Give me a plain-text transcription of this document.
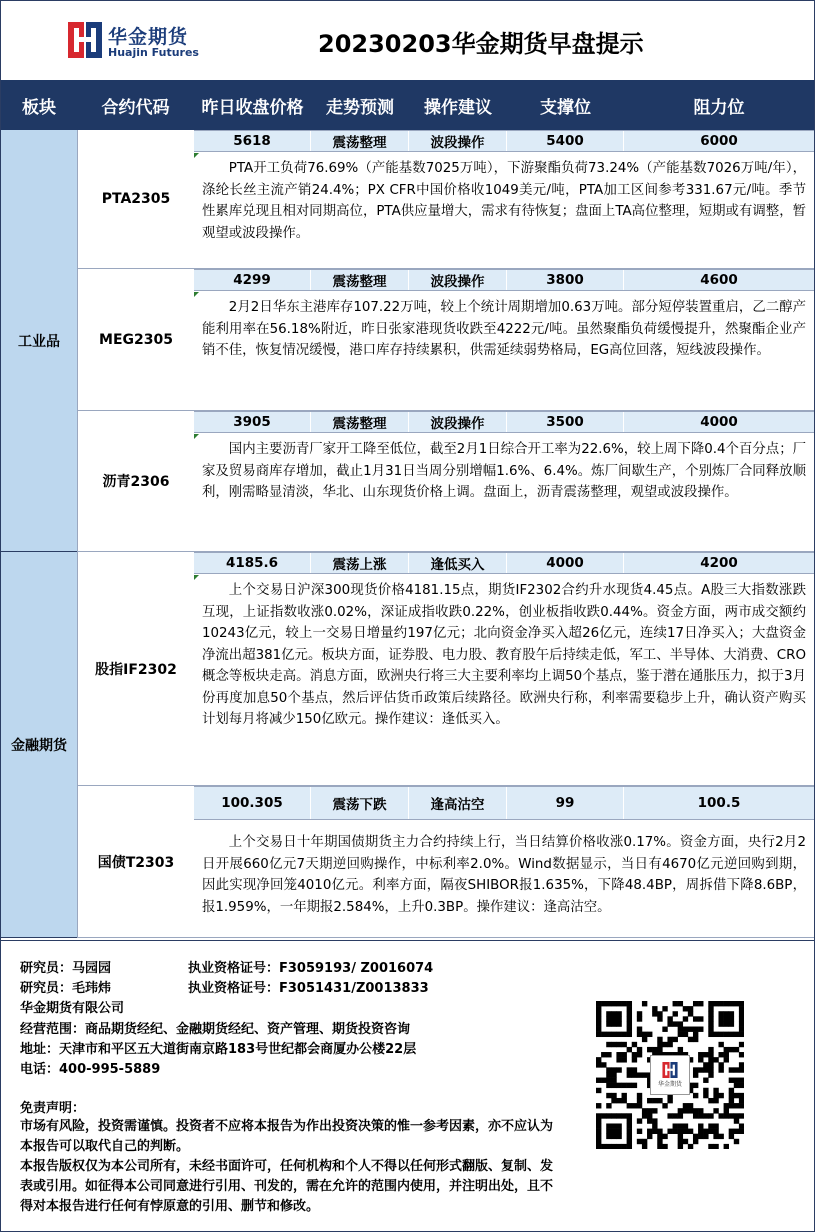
华金期货
Huajin Futures	20230203华金期货早盘提示
板块	合约代码	昨日收盘价格	走势预测	操作建议	支撑位	阻力位
工业品
PTA2305
5618	震荡整理	波段操作	5400	6000
PTA开工负荷76.69%（产能基数7025万吨），下游聚酯负荷73.24%（产能基数7026万吨/年），涤纶长丝主流产销24.4%；PX CFR中国价格收1049美元/吨，PTA加工区间参考331.67元/吨。季节性累库兑现且相对同期高位，PTA供应量增大，需求有待恢复；盘面上TA高位整理，短期或有调整，暂观望或波段操作。
MEG2305
4299	震荡整理	波段操作	3800	4600
2月2日华东主港库存107.22万吨，较上个统计周期增加0.63万吨。部分短停装置重启，乙二醇产能利用率在56.18%附近，昨日张家港现货收跌至4222元/吨。虽然聚酯负荷缓慢提升，然聚酯企业产销不佳，恢复情况缓慢，港口库存持续累积，供需延续弱势格局，EG高位回落，短线波段操作。
沥青2306
3905	震荡整理	波段操作	3500	4000
国内主要沥青厂家开工降至低位，截至2月1日综合开工率为22.6%，较上周下降0.4个百分点；厂家及贸易商库存增加，截止1月31日当周分别增幅1.6%、6.4%。炼厂间歇生产，个别炼厂合同释放顺利，刚需略显清淡，华北、山东现货价格上调。盘面上，沥青震荡整理，观望或波段操作。
金融期货
股指IF2302
4185.6	震荡上涨	逢低买入	4000	4200
上个交易日沪深300现货价格4181.15点，期货IF2302合约升水现货4.45点。A股三大指数涨跌互现，上证指数收涨0.02%，深证成指收跌0.22%，创业板指收跌0.44%。资金方面，两市成交额约10243亿元，较上一交易日增量约197亿元；北向资金净买入超26亿元，连续17日净买入；大盘资金净流出超381亿元。板块方面，证券股、电力股、教育股午后持续走低，军工、半导体、大消费、CRO概念等板块走高。消息方面，欧洲央行将三大主要利率均上调50个基点，鉴于潜在通胀压力，拟于3月份再度加息50个基点，然后评估货币政策后续路径。欧洲央行称，利率需要稳步上升，确认资产购买计划每月将减少150亿欧元。操作建议：逢低买入。
国债T2303
100.305	震荡下跌	逢高沽空	99	100.5
上个交易日十年期国债期货主力合约持续上行，当日结算价格收涨0.17%。资金方面，央行2月2日开展660亿元7天期逆回购操作，中标利率2.0%。Wind数据显示，当日有4670亿元逆回购到期，因此实现净回笼4010亿元。利率方面，隔夜SHIBOR报1.635%，下降48.4BP，周拆借下降8.6BP，报1.959%，一年期报2.584%，上升0.3BP。操作建议：逢高沽空。
研究员：马园园	执业资格证号：F3059193/ Z0016074
研究员：毛玮炜	执业资格证号：F3051431/Z0013833
华金期货有限公司
经营范围：商品期货经纪、金融期货经纪、资产管理、期货投资咨询
地址：天津市和平区五大道街南京路183号世纪都会商厦办公楼22层
电话：400-995-5889
免责声明：
市场有风险，投资需谨慎。投资者不应将本报告为作出投资决策的惟一参考因素，亦不应认为本报告可以取代自己的判断。
本报告版权仅为本公司所有，未经书面许可，任何机构和个人不得以任何形式翻版、复制、发表或引用。如征得本公司同意进行引用、刊发的，需在允许的范围内使用，并注明出处，且不得对本报告进行任何有悖原意的引用、删节和修改。
华金期货
